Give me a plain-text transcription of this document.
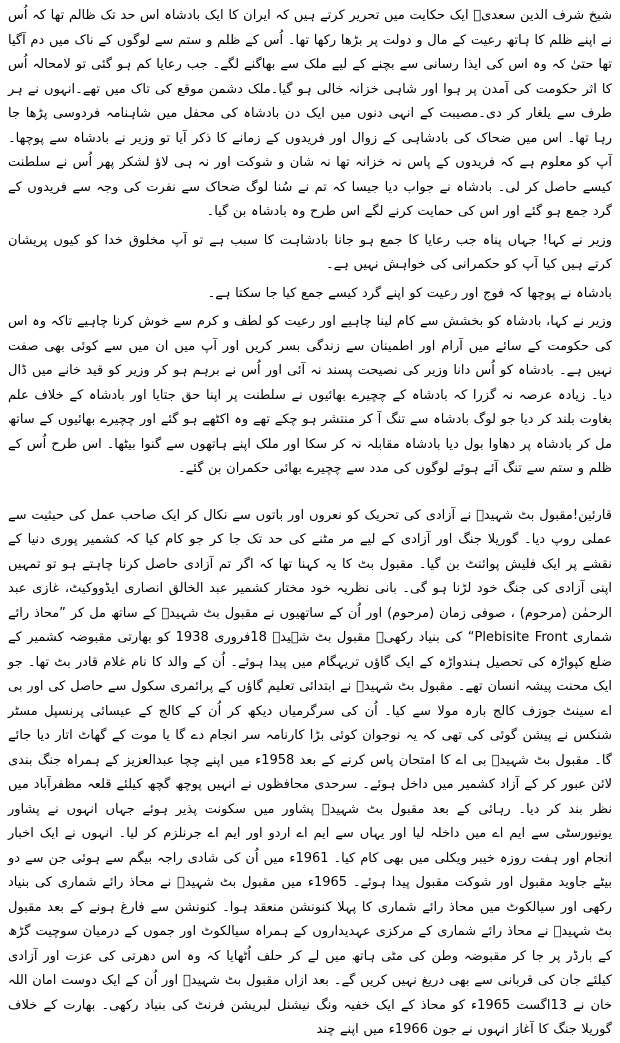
شیخ شرف الدین سعدیؒ ایک حکایت میں تحریر کرتے ہیں کہ ایران کا ایک بادشاہ اس حد تک ظالم تھا کہ اُس نے اپنے ظلم کا ہاتھ رعیت کے مال و دولت پر بڑھا رکھا تھا۔ اُس کے ظلم و ستم سے لوگوں کے ناک میں دم آگیا تھا حتیٰ کہ وہ اس کی ایذا رسانی سے بچنے کے لیے ملک سے بھاگنے لگے۔ جب رعایا کم ہو گئی تو لامحالہ اُس کا اثر حکومت کی آمدن پر ہوا اور شاہی خزانہ خالی ہو گیا۔ملک دشمن موقع کی تاک میں تھے۔انہوں نے ہر طرف سے یلغار کر دی۔مصیبت کے انہی دنوں میں ایک دن بادشاہ کی محفل میں شاہنامہ فردوسی پڑھا جا رہا تھا۔ اس میں ضحاک کی بادشاہی کے زوال اور فریدوں کے زمانے کا ذکر آیا تو وزیر نے بادشاہ سے پوچھا۔ آپ کو معلوم ہے کہ فریدوں کے پاس نہ خزانہ تھا نہ شان و شوکت اور نہ ہی لاؤ لشکر پھر اُس نے سلطنت کیسے حاصل کر لی۔ بادشاہ نے جواب دیا جیسا کہ تم نے سُنا لوگ ضحاک سے نفرت کی وجہ سے فریدوں کے گرد جمع ہو گئے اور اس کی حمایت کرنے لگے اس طرح وہ بادشاہ بن گیا۔

وزیر نے کہا! جہاں پناہ جب رعایا کا جمع ہو جانا بادشاہت کا سبب ہے تو آپ مخلوق خدا کو کیوں پریشان کرتے ہیں کیا آپ کو حکمرانی کی خواہش نہیں ہے۔

بادشاہ نے پوچھا کہ فوج اور رعیت کو اپنے گرد کیسے جمع کیا جا سکتا ہے۔

وزیر نے کہا، بادشاہ کو بخشش سے کام لینا چاہیے اور رعیت کو لطف و کرم سے خوش کرنا چاہیے تاکہ وہ اس کی حکومت کے سائے میں آرام اور اطمینان سے زندگی بسر کریں اور آپ میں ان میں سے کوئی بھی صفت نہیں ہے۔ بادشاہ کو اُس دانا وزیر کی نصیحت پسند نہ آئی اور اُس نے برہم ہو کر وزیر کو قید خانے میں ڈال دیا۔ زیادہ عرصہ نہ گزرا کہ بادشاہ کے چچیرے بھائیوں نے سلطنت پر اپنا حق جتایا اور بادشاہ کے خلاف علم بغاوت بلند کر دیا جو لوگ بادشاہ سے تنگ آ کر منتشر ہو چکے تھے وہ اکٹھے ہو گئے اور چچیرے بھائیوں کے ساتھ مل کر بادشاہ پر دھاوا بول دیا بادشاہ مقابلہ نہ کر سکا اور ملک اپنے ہاتھوں سے گنوا بیٹھا۔ اس طرح اُس کے ظلم و ستم سے تنگ آئے ہوئے لوگوں کی مدد سے چچیرے بھائی حکمران بن گئے۔

قارئین!مقبول بٹ شہیدؒ نے آزادی کی تحریک کو نعروں اور باتوں سے نکال کر ایک صاحب عمل کی حیثیت سے عملی روپ دیا۔ گوریلا جنگ اور آزادی کے لیے مر مٹنے کی حد تک جا کر جو کام کیا کہ کشمیر پوری دنیا کے نقشے پر ایک فلیش پوائنٹ بن گیا۔ مقبول بٹ کا یہ کہنا تھا کہ اگر تم آزادی حاصل کرنا چاہتے ہو تو تمہیں اپنی آزادی کی جنگ خود لڑنا ہو گی۔ بانی نظریہ خود مختار کشمیر عبد الخالق انصاری ایڈووکیٹ، غازی عبد الرحمٰن (مرحوم) ، صوفی زمان (مرحوم) اور اُن کے ساتھیوں نے مقبول بٹ شہیدؒ کے ساتھ مل کر ”محاذ رائے شماری Plebisite Front“ کی بنیاد رکھی۔ مقبول بٹ شہیدؒ 18فروری 1938 کو بھارتی مقبوضہ کشمیر کے ضلع کپواڑہ کی تحصیل ہندواڑہ کے ایک گاؤں تریہگام میں پیدا ہوئے۔ اُن کے والد کا نام غلام قادر بٹ تھا۔ جو ایک محنت پیشہ انسان تھے۔ مقبول بٹ شہیدؒ نے ابتدائی تعلیم گاؤں کے پرائمری سکول سے حاصل کی اور بی اے سینٹ جوزف کالج بارہ مولا سے کیا۔ اُن کی سرگرمیاں دیکھ کر اُن کے کالج کے عیسائی پرنسپل مسٹر شنکس نے پیشن گوئی کی تھی کہ یہ نوجوان کوئی بڑا کارنامہ سر انجام دے گا یا موت کے گھاٹ اتار دیا جائے گا۔ مقبول بٹ شہیدؒ بی اے کا امتحان پاس کرنے کے بعد 1958ء میں اپنے چچا عبدالعزیز کے ہمراہ جنگ بندی لائن عبور کر کے آزاد کشمیر میں داخل ہوئے۔ سرحدی محافظوں نے انہیں پوچھ گچھ کیلئے قلعہ مظفرآباد میں نظر بند کر دیا۔ رہائی کے بعد مقبول بٹ شہیدؒ پشاور میں سکونت پذیر ہوئے جہاں انہوں نے پشاور یونیورسٹی سے ایم اے میں داخلہ لیا اور یہاں سے ایم اے اردو اور ایم اے جرنلزم کر لیا۔ انہوں نے ایک اخبار انجام اور ہفت روزہ خیبر ویکلی میں بھی کام کیا۔ 1961ء میں اُن کی شادی راجہ بیگم سے ہوئی جن سے دو بیٹے جاوید مقبول اور شوکت مقبول پیدا ہوئے۔ 1965ء میں مقبول بٹ شہیدؒ نے محاذ رائے شماری کی بنیاد رکھی اور سیالکوٹ میں محاذ رائے شماری کا پہلا کنونشن منعقد ہوا۔ کنونشن سے فارغ ہونے کے بعد مقبول بٹ شہیدؒ نے محاذ رائے شماری کے مرکزی عہدیداروں کے ہمراہ سیالکوٹ اور جموں کے درمیان سوچیت گڑھ کے بارڈر پر جا کر مقبوضہ وطن کی مٹی ہاتھ میں لے کر حلف اُٹھایا کہ وہ اس دھرتی کی عزت اور آزادی کیلئے جان کی قربانی سے بھی دریغ نہیں کریں گے۔ بعد ازاں مقبول بٹ شہیدؒ اور اُن کے ایک دوست امان اللہ خان نے 13اگست 1965ء کو محاذ کے ایک خفیہ ونگ نیشنل لبریشن فرنٹ کی بنیاد رکھی۔ بھارت کے خلاف گوریلا جنگ کا آغاز انہوں نے جون 1966ء میں اپنے چند
